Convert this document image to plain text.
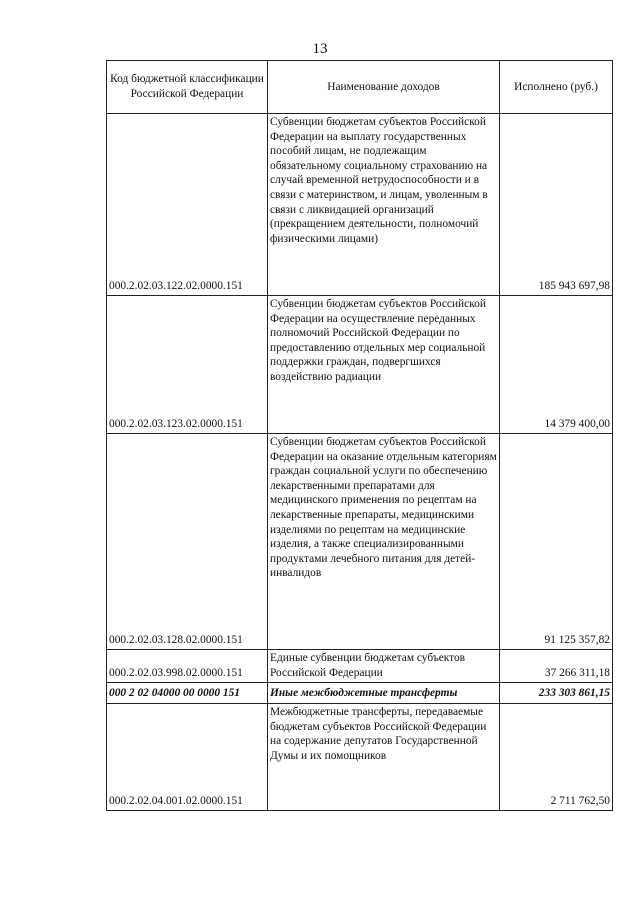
13
Код бюджетной классификации Российской Федерации	Наименование доходов	Исполнено (руб.)
000.2.02.03.122.02.0000.151	Субвенции бюджетам субъектов Российской Федерации на выплату государственных пособий лицам, не подлежащим обязательному социальному страхованию на случай временной нетрудоспособности и в связи с материнством, и лицам, уволенным в связи с ликвидацией организаций (прекращением деятельности, полномочий физическими лицами)	185 943 697,98
000.2.02.03.123.02.0000.151	Субвенции бюджетам субъектов Российской Федерации на осуществление переданных полномочий Российской Федерации по предоставлению отдельных мер социальной поддержки граждан, подвергшихся воздействию радиации	14 379 400,00
000.2.02.03.128.02.0000.151	Субвенции бюджетам субъектов Российской Федерации на оказание отдельным категориям граждан социальной услуги по обеспечению лекарственными препаратами для медицинского применения по рецептам на лекарственные препараты, медицинскими изделиями по рецептам на медицинские изделия, а также специализированными продуктами лечебного питания для детей-инвалидов	91 125 357,82
000.2.02.03.998.02.0000.151	Единые субвенции бюджетам субъектов Российской Федерации	37 266 311,18
000 2 02 04000 00 0000 151	Иные межбюджетные трансферты	233 303 861,15
000.2.02.04.001.02.0000.151	Межбюджетные трансферты, передаваемые бюджетам субъектов Российской Федерации на содержание депутатов Государственной Думы и их помощников	2 711 762,50
